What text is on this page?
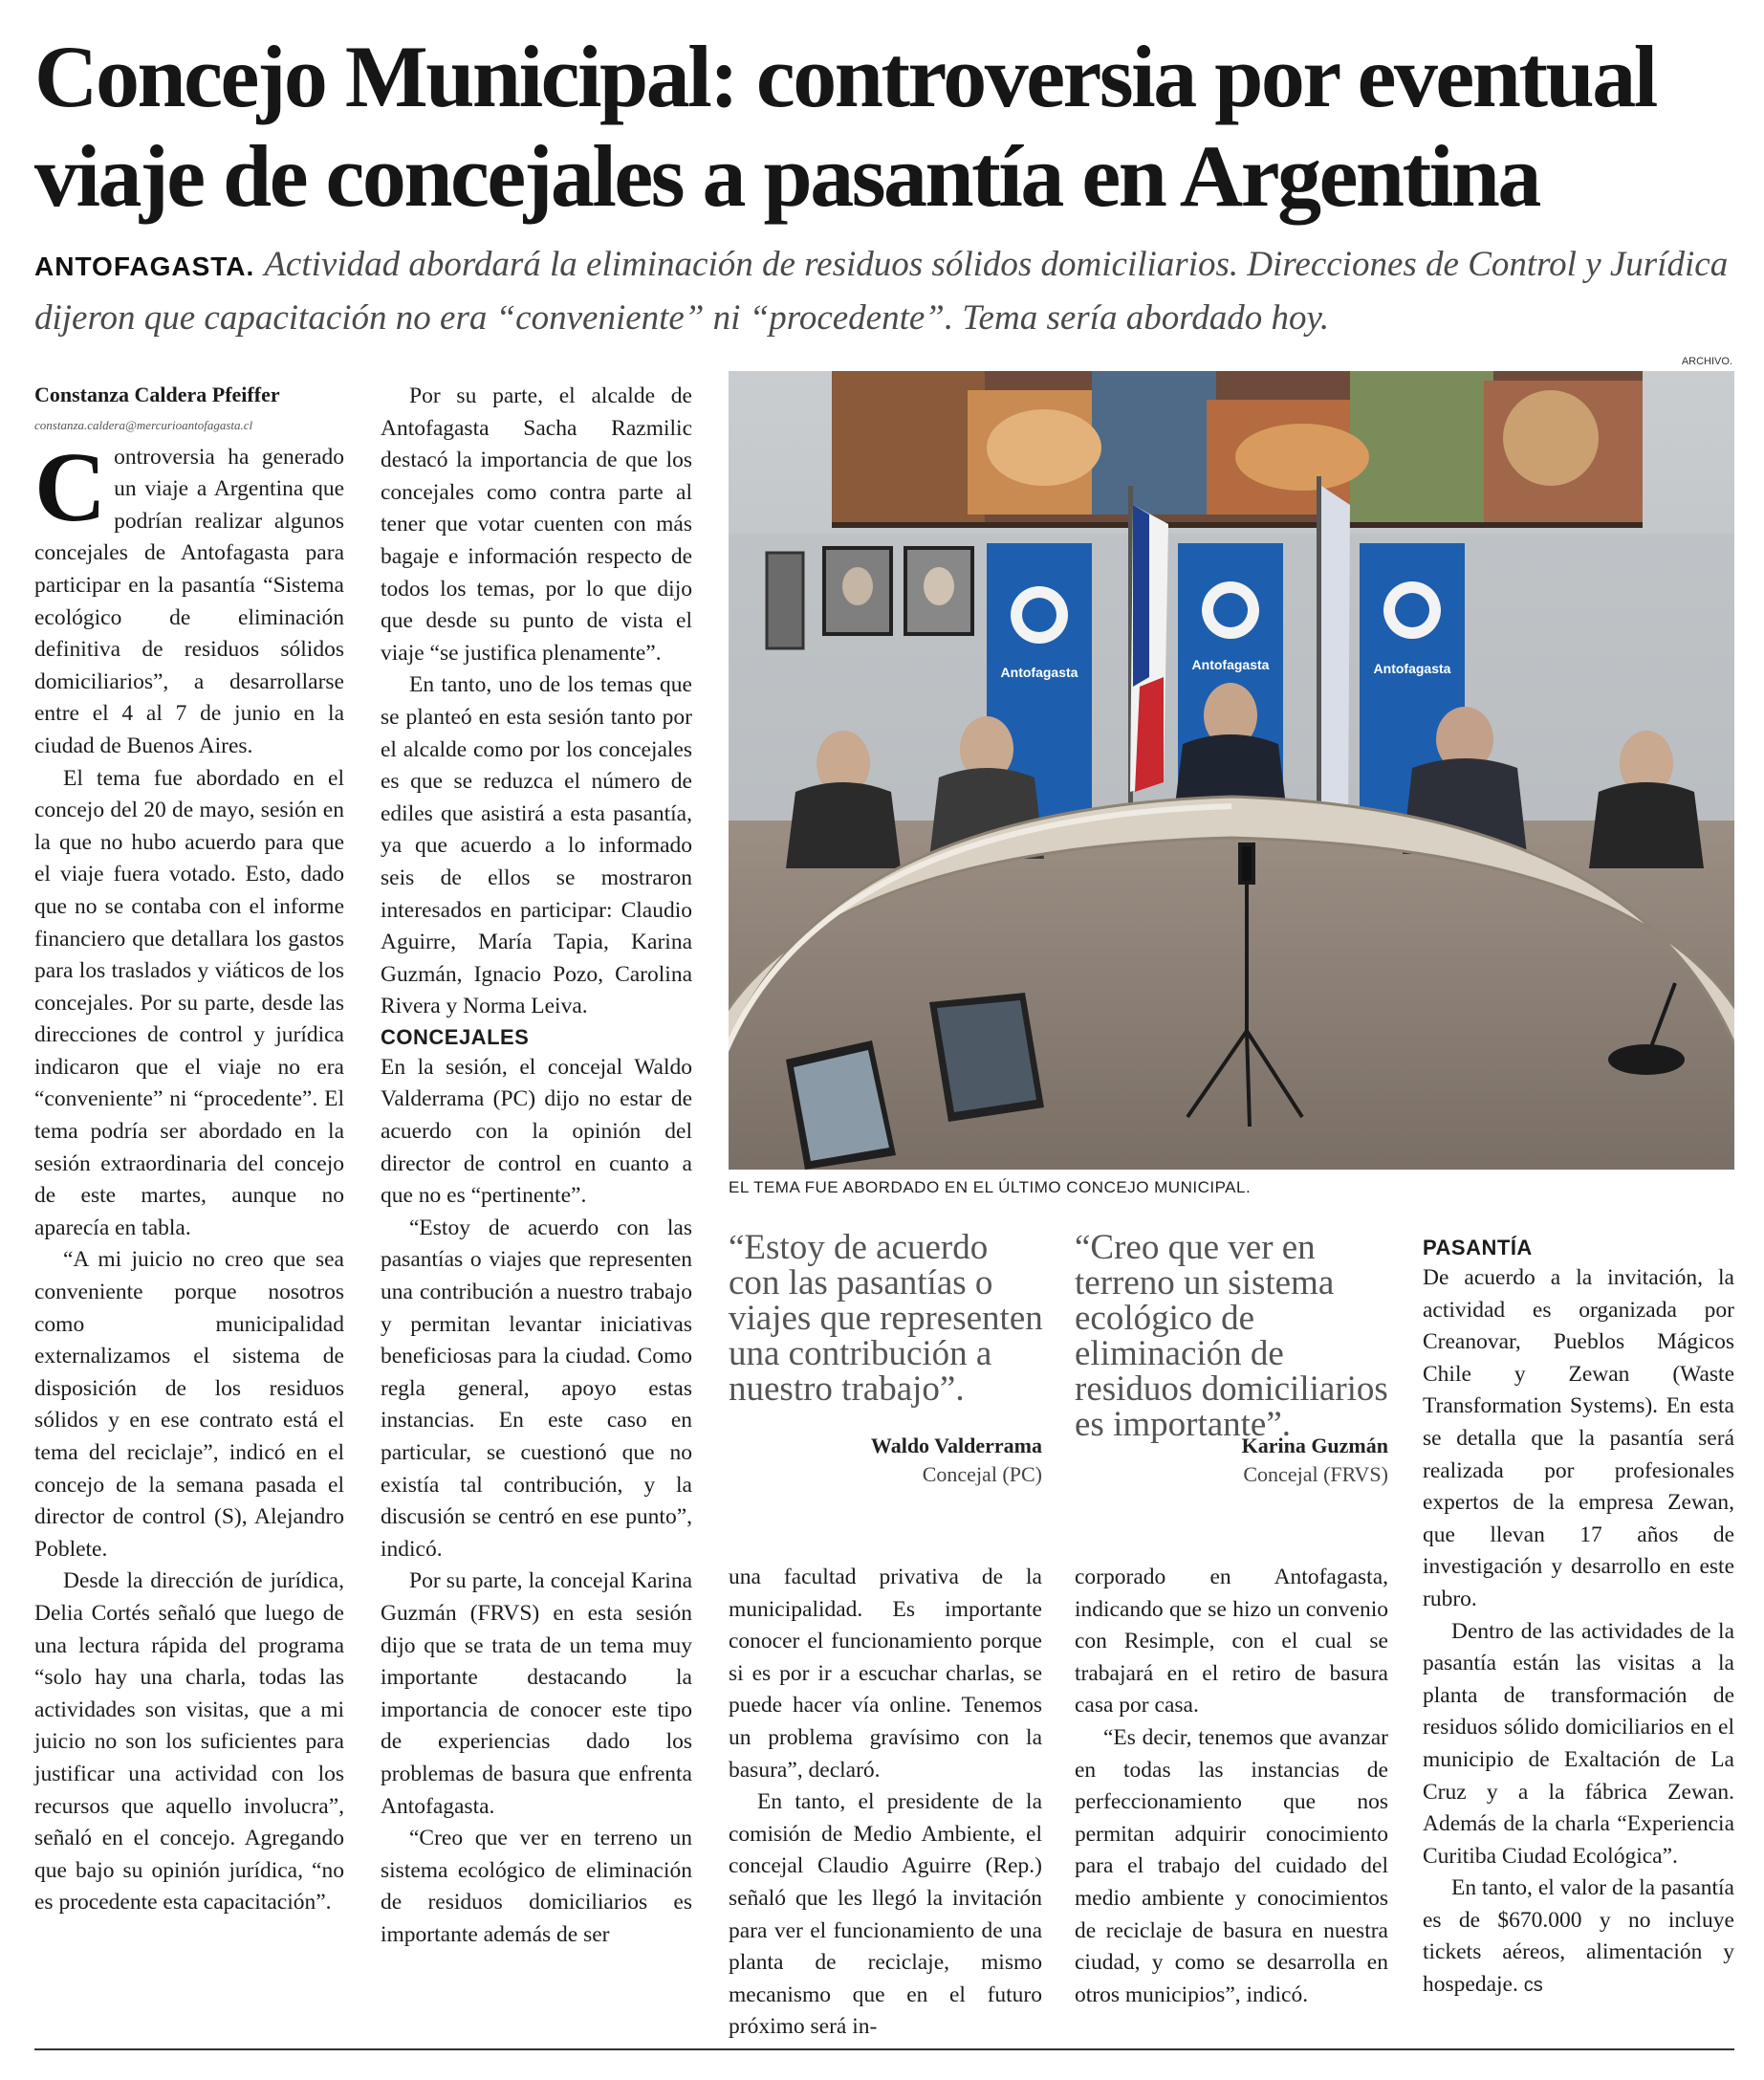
Concejo Municipal: controversia por eventual viaje de concejales a pasantía en Argentina
ANTOFAGASTA. Actividad abordará la eliminación de residuos sólidos domiciliarios. Direcciones de Control y Jurídica dijeron que capacitación no era “conveniente” ni “procedente”. Tema sería abordado hoy.

Constanza Caldera Pfeiffer

constanza.caldera@mercurioantofagasta.cl

Controversia ha generado un viaje a Argentina que podrían realizar algunos concejales de Antofagasta para participar en la pasantía “Sistema ecológico de eliminación definitiva de residuos sólidos domiciliarios”, a desarrollarse entre el 4 al 7 de junio en la ciudad de Buenos Aires.

El tema fue abordado en el concejo del 20 de mayo, sesión en la que no hubo acuerdo para que el viaje fuera votado. Esto, dado que no se contaba con el informe financiero que detallara los gastos para los traslados y viáticos de los concejales. Por su parte, desde las direcciones de control y jurídica indicaron que el viaje no era “conveniente” ni “procedente”. El tema podría ser abordado en la sesión extraordinaria del concejo de este martes, aunque no aparecía en tabla.

“A mi juicio no creo que sea conveniente porque nosotros como municipalidad externalizamos el sistema de disposición de los residuos sólidos y en ese contrato está el tema del reciclaje”, indicó en el concejo de la semana pasada el director de control (S), Alejandro Poblete.

Desde la dirección de jurídica, Delia Cortés señaló que luego de una lectura rápida del programa “solo hay una charla, todas las actividades son visitas, que a mi juicio no son los suficientes para justificar una actividad con los recursos que aquello involucra”, señaló en el concejo. Agregando que bajo su opinión jurídica, “no es procedente esta capacitación”.

Por su parte, el alcalde de Antofagasta Sacha Razmilic destacó la importancia de que los concejales como contra parte al tener que votar cuenten con más bagaje e información respecto de todos los temas, por lo que dijo que desde su punto de vista el viaje “se justifica plenamente”.

En tanto, uno de los temas que se planteó en esta sesión tanto por el alcalde como por los concejales es que se reduzca el número de ediles que asistirá a esta pasantía, ya que acuerdo a lo informado seis de ellos se mostraron interesados en participar: Claudio Aguirre, María Tapia, Karina Guzmán, Ignacio Pozo, Carolina Rivera y Norma Leiva.

CONCEJALES

En la sesión, el concejal Waldo Valderrama (PC) dijo no estar de acuerdo con la opinión del director de control en cuanto a que no es “pertinente”.

“Estoy de acuerdo con las pasantías o viajes que representen una contribución a nuestro trabajo y permitan levantar iniciativas beneficiosas para la ciudad. Como regla general, apoyo estas instancias. En este caso en particular, se cuestionó que no existía tal contribución, y la discusión se centró en ese punto”, indicó.

Por su parte, la concejal Karina Guzmán (FRVS) en esta sesión dijo que se trata de un tema muy importante destacando la importancia de conocer este tipo de experiencias dado los problemas de basura que enfrenta Antofagasta.

“Creo que ver en terreno un sistema ecológico de eliminación de residuos domiciliarios es importante además de ser

ARCHIVO.
Antofagasta	Antofagasta	Antofagasta
EL TEMA FUE ABORDADO EN EL ÚLTIMO CONCEJO MUNICIPAL.
“Estoy de acuerdo con las pasantías o viajes que representen una contribución a nuestro trabajo”.
Waldo Valderrama
Concejal (PC)
“Creo que ver en terreno un sistema ecológico de eliminación de residuos domiciliarios es importante”.
Karina Guzmán
Concejal (FRVS)

una facultad privativa de la municipalidad. Es importante conocer el funcionamiento porque si es por ir a escuchar charlas, se puede hacer vía online. Tenemos un problema gravísimo con la basura”, declaró.

En tanto, el presidente de la comisión de Medio Ambiente, el concejal Claudio Aguirre (Rep.) señaló que les llegó la invitación para ver el funcionamiento de una planta de reciclaje, mismo mecanismo que en el futuro próximo será in-

corporado en Antofagasta, indicando que se hizo un convenio con Resimple, con el cual se trabajará en el retiro de basura casa por casa.

“Es decir, tenemos que avanzar en todas las instancias de perfeccionamiento que nos permitan adquirir conocimiento para el trabajo del cuidado del medio ambiente y conocimientos de reciclaje de basura en nuestra ciudad, y como se desarrolla en otros municipios”, indicó.

PASANTÍA

De acuerdo a la invitación, la actividad es organizada por Creanovar, Pueblos Mágicos Chile y Zewan (Waste Transformation Systems). En esta se detalla que la pasantía será realizada por profesionales expertos de la empresa Zewan, que llevan 17 años de investigación y desarrollo en este rubro.

Dentro de las actividades de la pasantía están las visitas a la planta de transformación de residuos sólido domiciliarios en el municipio de Exaltación de La Cruz y a la fábrica Zewan. Además de la charla “Experiencia Curitiba Ciudad Ecológica”.

En tanto, el valor de la pasantía es de $670.000 y no incluye tickets aéreos, alimentación y hospedaje. cs
